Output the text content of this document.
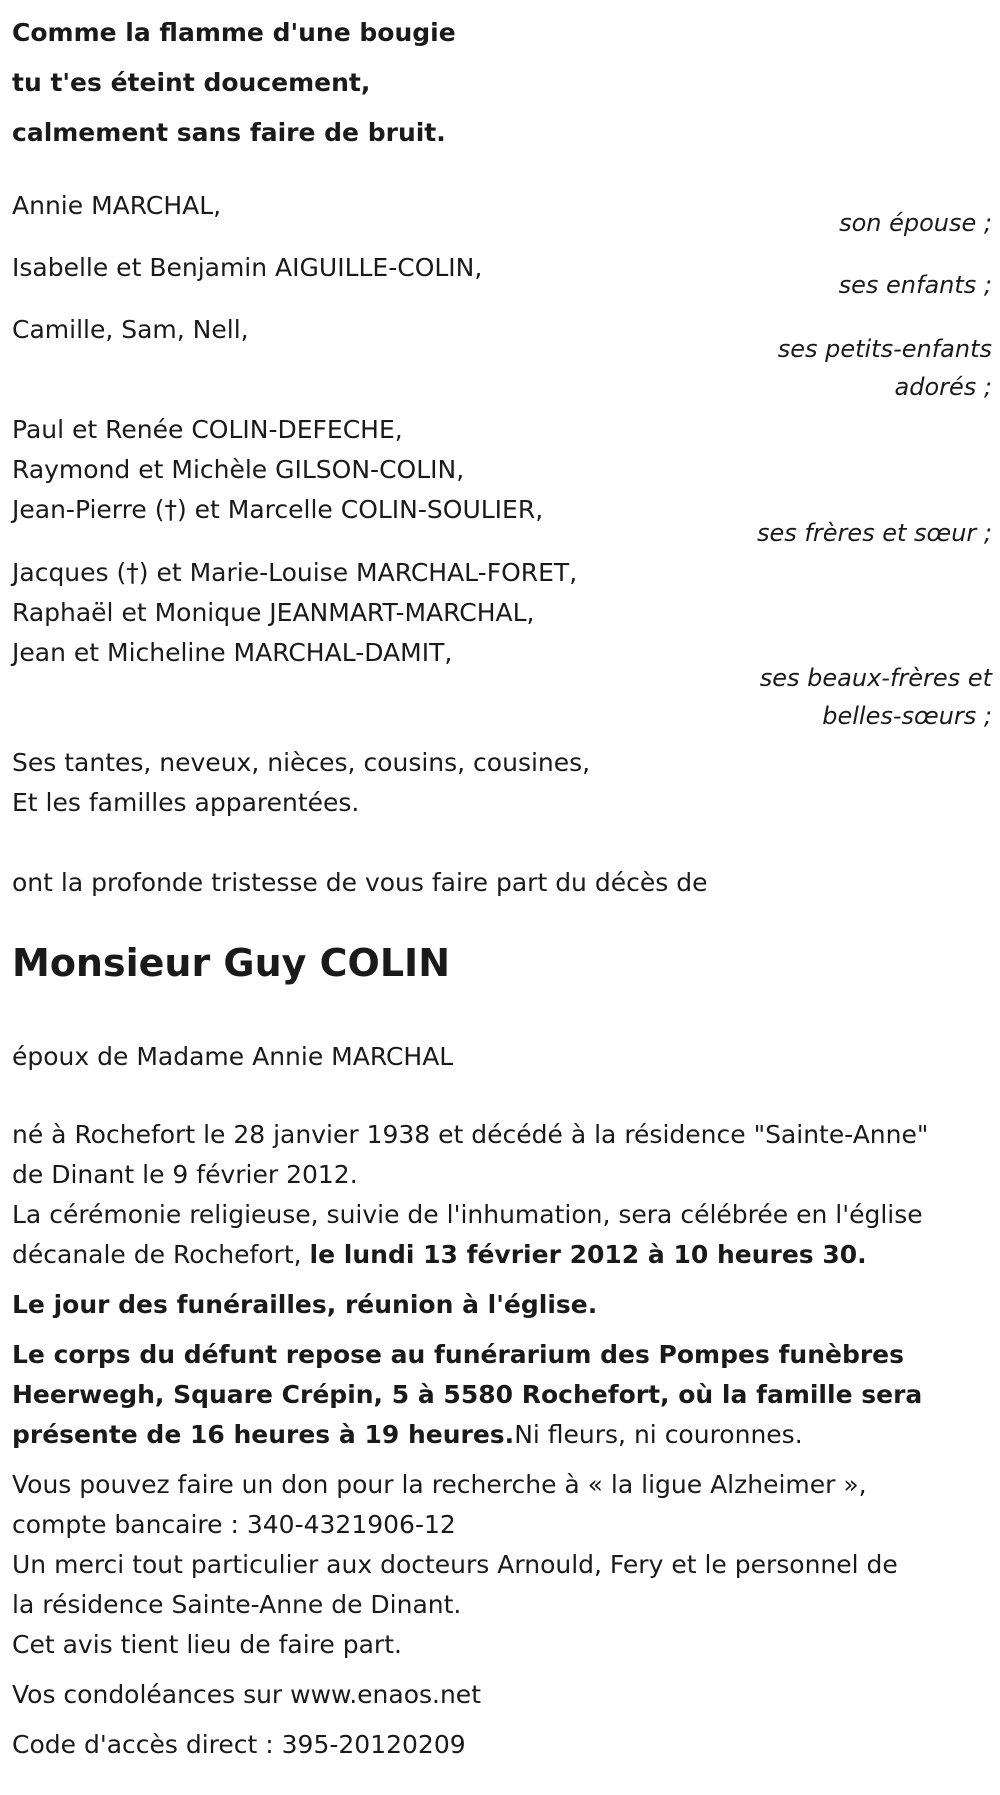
Comme la flamme d'une bougie
tu t'es éteint doucement,
calmement sans faire de bruit.
Annie MARCHAL,
son épouse ;
Isabelle et Benjamin AIGUILLE-COLIN,
ses enfants ;
Camille, Sam, Nell,
ses petits-enfants
adorés ;
Paul et Renée COLIN-DEFECHE,
Raymond et Michèle GILSON-COLIN,
Jean-Pierre (†) et Marcelle COLIN-SOULIER,
ses frères et sœur ;
Jacques (†) et Marie-Louise MARCHAL-FORET,
Raphaël et Monique JEANMART-MARCHAL,
Jean et Micheline MARCHAL-DAMIT,
ses beaux-frères et
belles-sœurs ;
Ses tantes, neveux, nièces, cousins, cousines,
Et les familles apparentées.
ont la profonde tristesse de vous faire part du décès de
Monsieur Guy COLIN
époux de Madame Annie MARCHAL
né à Rochefort le 28 janvier 1938 et décédé à la résidence "Sainte-Anne"
de Dinant le 9 février 2012.
La cérémonie religieuse, suivie de l'inhumation, sera célébrée en l'église
décanale de Rochefort, le lundi 13 février 2012 à 10 heures 30.
Le jour des funérailles, réunion à l'église.
Le corps du défunt repose au funérarium des Pompes funèbres
Heerwegh, Square Crépin, 5 à 5580 Rochefort, où la famille sera
présente de 16 heures à 19 heures.Ni fleurs, ni couronnes.
Vous pouvez faire un don pour la recherche à « la ligue Alzheimer »,
compte bancaire : 340-4321906-12
Un merci tout particulier aux docteurs Arnould, Fery et le personnel de
la résidence Sainte-Anne de Dinant.
Cet avis tient lieu de faire part.
Vos condoléances sur www.enaos.net
Code d'accès direct : 395-20120209
